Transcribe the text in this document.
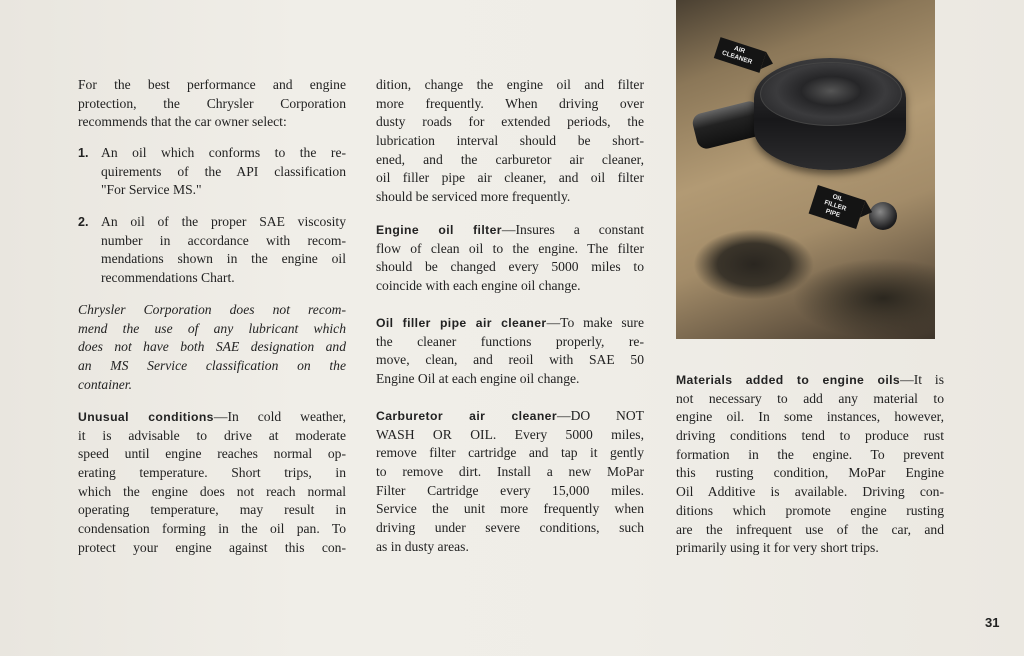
For the best performance and engine
protection, the Chrysler Corporation
recommends that the car owner select:
1. An oil which conforms to the re-
quirements of the API classification
"For Service MS."
2. An oil of the proper SAE viscosity
number in accordance with recom-
mendations shown in the engine oil
recommendations Chart.
Chrysler Corporation does not recom-
mend the use of any lubricant which
does not have both SAE designation and
an MS Service classification on the
container.
Unusual conditions—In cold weather,
it is advisable to drive at moderate
speed until engine reaches normal op-
erating temperature. Short trips, in
which the engine does not reach normal
operating temperature, may result in
condensation forming in the oil pan. To
protect your engine against this con-
dition, change the engine oil and filter
more frequently. When driving over
dusty roads for extended periods, the
lubrication interval should be short-
ened, and the carburetor air cleaner,
oil filler pipe air cleaner, and oil filter
should be serviced more frequently.
Engine oil filter—Insures a constant
flow of clean oil to the engine. The filter
should be changed every 5000 miles to
coincide with each engine oil change.
Oil filler pipe air cleaner—To make sure
the cleaner functions properly, re-
move, clean, and reoil with SAE 50
Engine Oil at each engine oil change.
Carburetor air cleaner—DO NOT
WASH OR OIL. Every 5000 miles,
remove filter cartridge and tap it gently
to remove dirt. Install a new MoPar
Filter Cartridge every 15,000 miles.
Service the unit more frequently when
driving under severe conditions, such
as in dusty areas.
Materials added to engine oils—It is
not necessary to add any material to
engine oil. In some instances, however,
driving conditions tend to produce rust
formation in the engine. To prevent
this rusting condition, MoPar Engine
Oil Additive is available. Driving con-
ditions which promote engine rusting
are the infrequent use of the car, and
primarily using it for very short trips.
AIR CLEANER
OIL FILLER PIPE
31
